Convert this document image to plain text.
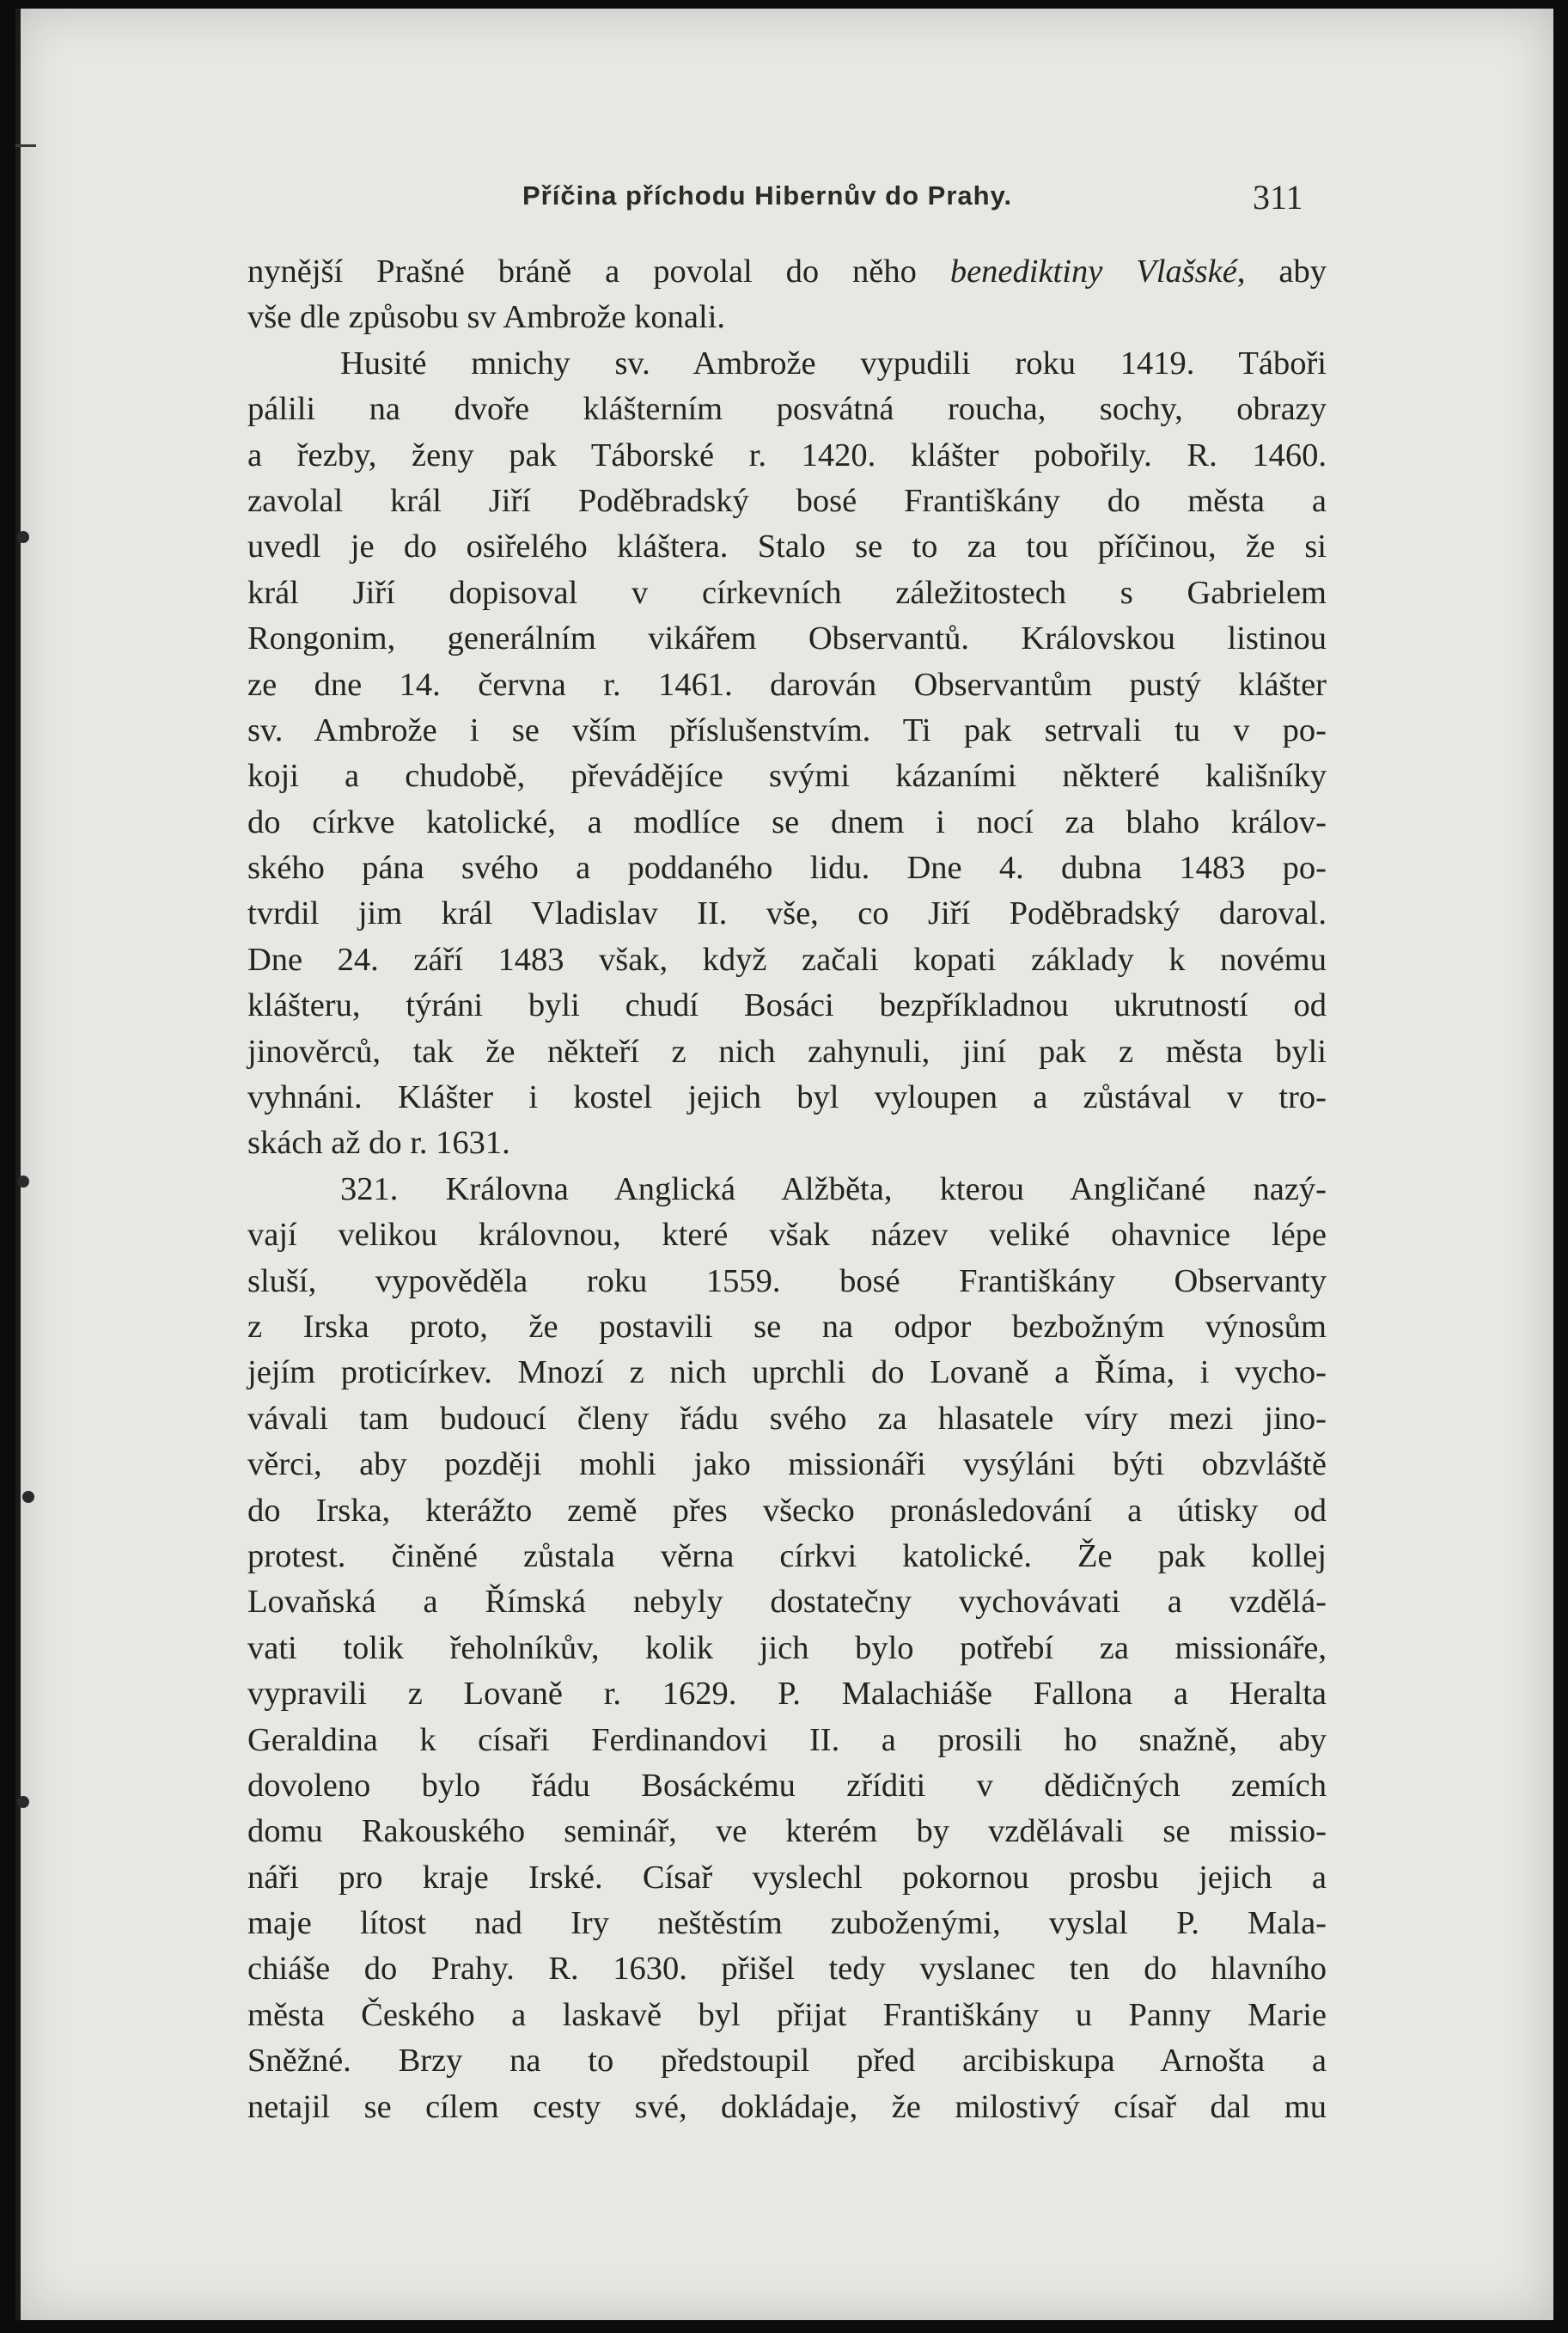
Příčina příchodu Hibernův do Prahy.	311
nynější Prašné bráně a povolal do něho benediktiny Vlašské, aby
vše dle způsobu sv Ambrože konali.
Husité mnichy sv. Ambrože vypudili roku 1419. Táboři
pálili na dvoře klášterním posvátná roucha, sochy, obrazy
a řezby, ženy pak Táborské r. 1420. klášter pobořily. R. 1460.
zavolal král Jiří Poděbradský bosé Františkány do města a
uvedl je do osiřelého kláštera. Stalo se to za tou příčinou, že si
král Jiří dopisoval v církevních záležitostech s Gabrielem
Rongonim, generálním vikářem Observantů. Královskou listinou
ze dne 14. června r. 1461. darován Observantům pustý klášter
sv. Ambrože i se vším příslušenstvím. Ti pak setrvali tu v po-
koji a chudobě, převádějíce svými kázaními některé kališníky
do církve katolické, a modlíce se dnem i nocí za blaho králov-
ského pána svého a poddaného lidu. Dne 4. dubna 1483 po-
tvrdil jim král Vladislav II. vše, co Jiří Poděbradský daroval.
Dne 24. září 1483 však, když začali kopati základy k novému
klášteru, týráni byli chudí Bosáci bezpříkladnou ukrutností od
jinověrců, tak že někteří z nich zahynuli, jiní pak z města byli
vyhnáni. Klášter i kostel jejich byl vyloupen a zůstával v tro-
skách až do r. 1631.
321. Královna Anglická Alžběta, kterou Angličané nazý-
vají velikou královnou, které však název veliké ohavnice lépe
sluší, vypověděla roku 1559. bosé Františkány Observanty
z Irska proto, že postavili se na odpor bezbožným výnosům
jejím proticírkev. Mnozí z nich uprchli do Lovaně a Říma, i vycho-
vávali tam budoucí členy řádu svého za hlasatele víry mezi jino-
věrci, aby později mohli jako missionáři vysýláni býti obzvláště
do Irska, kterážto země přes všecko pronásledování a útisky od
protest. činěné zůstala věrna církvi katolické. Že pak kollej
Lovaňská a Římská nebyly dostatečny vychovávati a vzdělá-
vati tolik řeholníkův, kolik jich bylo potřebí za missionáře,
vypravili z Lovaně r. 1629. P. Malachiáše Fallona a Heralta
Geraldina k císaři Ferdinandovi II. a prosili ho snažně, aby
dovoleno bylo řádu Bosáckému zříditi v dědičných zemích
domu Rakouského seminář, ve kterém by vzdělávali se missio-
náři pro kraje Irské. Císař vyslechl pokornou prosbu jejich a
maje lítost nad Iry neštěstím zuboženými, vyslal P. Mala-
chiáše do Prahy. R. 1630. přišel tedy vyslanec ten do hlavního
města Českého a laskavě byl přijat Františkány u Panny Marie
Sněžné. Brzy na to předstoupil před arcibiskupa Arnošta a
netajil se cílem cesty své, dokládaje, že milostivý císař dal mu
